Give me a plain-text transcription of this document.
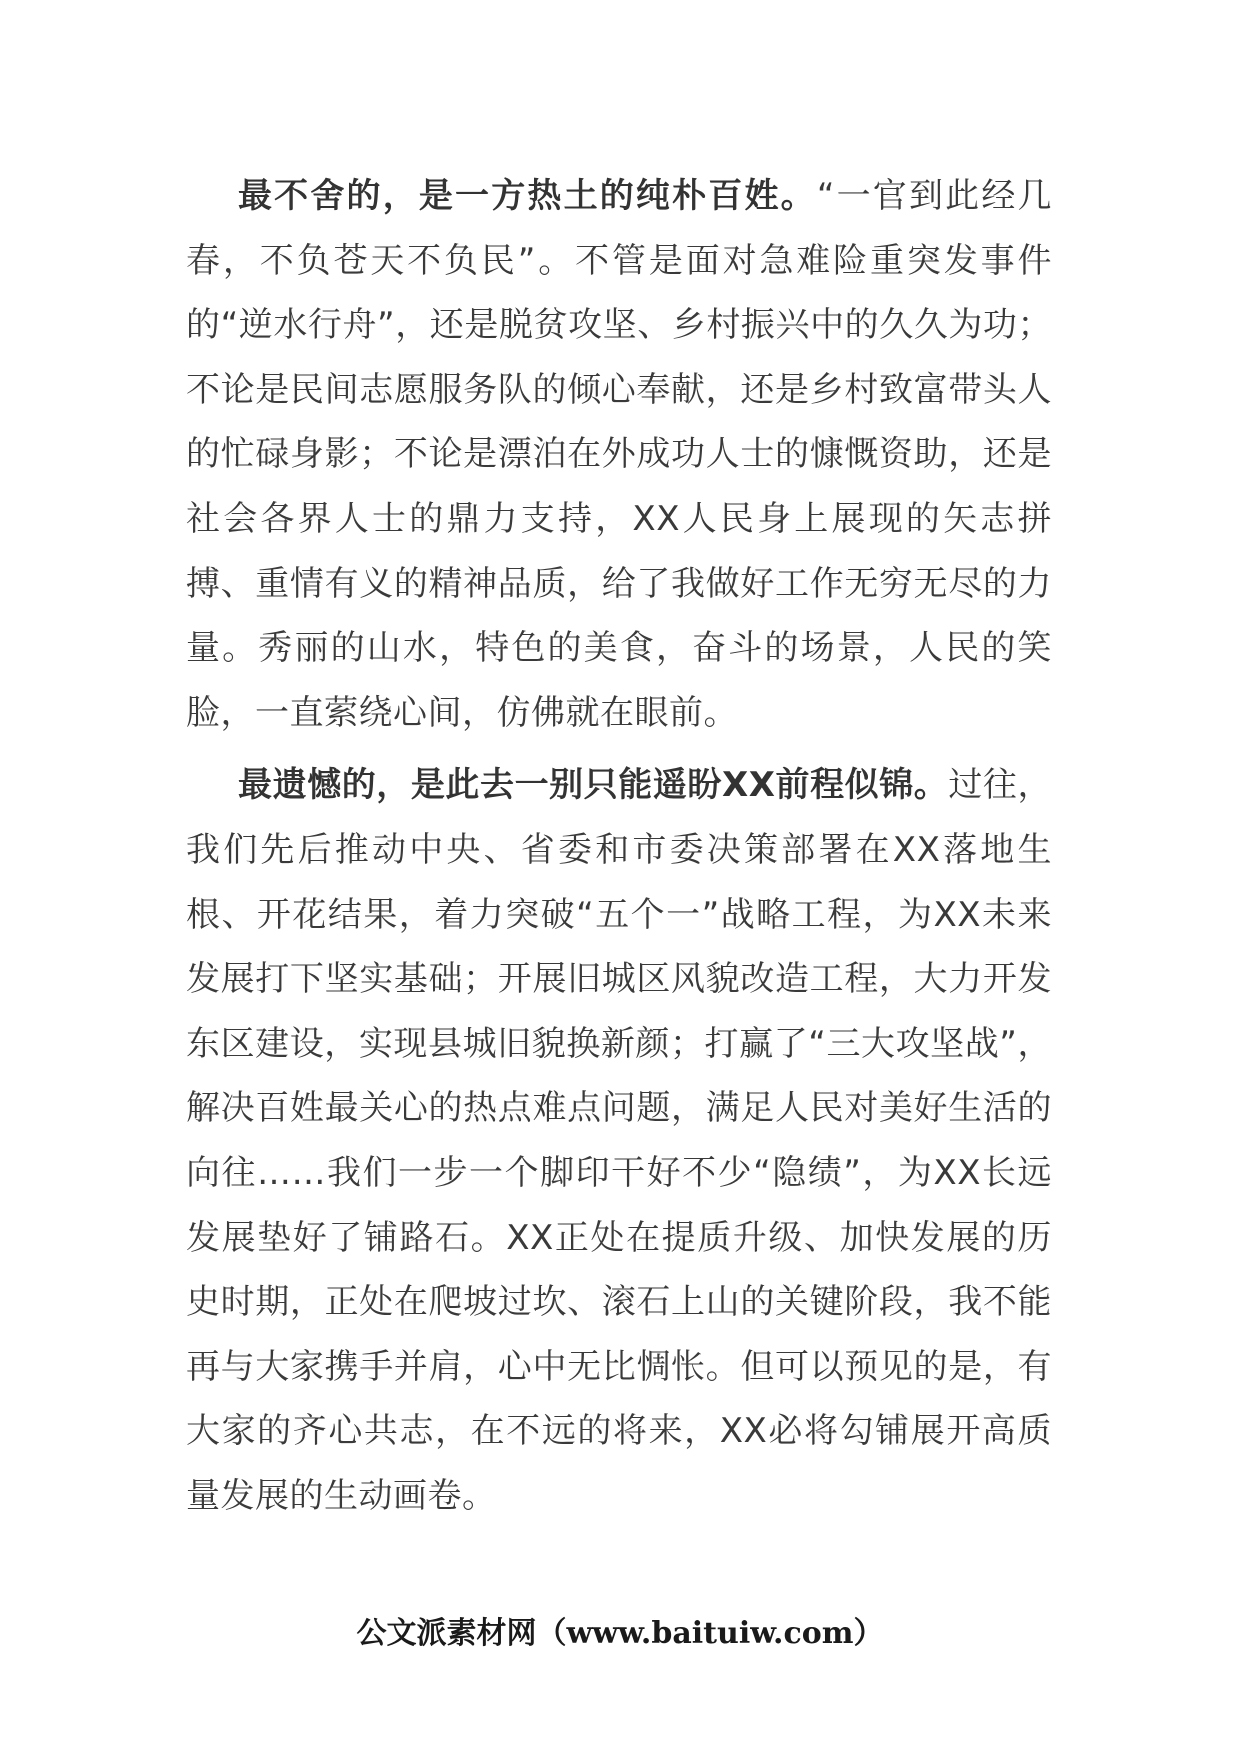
最不舍的，是一方热土的纯朴百姓。“一官到此经几春，不负苍天不负民”。不管是面对急难险重突发事件的“逆水行舟”，还是脱贫攻坚、乡村振兴中的久久为功；不论是民间志愿服务队的倾心奉献，还是乡村致富带头人的忙碌身影；不论是漂泊在外成功人士的慷慨资助，还是社会各界人士的鼎力支持，XX人民身上展现的矢志拼搏、重情有义的精神品质，给了我做好工作无穷无尽的力量。秀丽的山水，特色的美食，奋斗的场景，人民的笑脸，一直萦绕心间，仿佛就在眼前。

最遗憾的，是此去一别只能遥盼XX前程似锦。过往，我们先后推动中央、省委和市委决策部署在XX落地生根、开花结果，着力突破“五个一”战略工程，为XX未来发展打下坚实基础；开展旧城区风貌改造工程，大力开发东区建设，实现县城旧貌换新颜；打赢了“三大攻坚战”，解决百姓最关心的热点难点问题，满足人民对美好生活的向往……我们一步一个脚印干好不少“隐绩”，为XX长远发展垫好了铺路石。XX正处在提质升级、加快发展的历史时期，正处在爬坡过坎、滚石上山的关键阶段，我不能再与大家携手并肩，心中无比惆怅。但可以预见的是，有大家的齐心共志，在不远的将来，XX必将勾铺展开高质量发展的生动画卷。

公文派素材网（www.baituiw.com）
